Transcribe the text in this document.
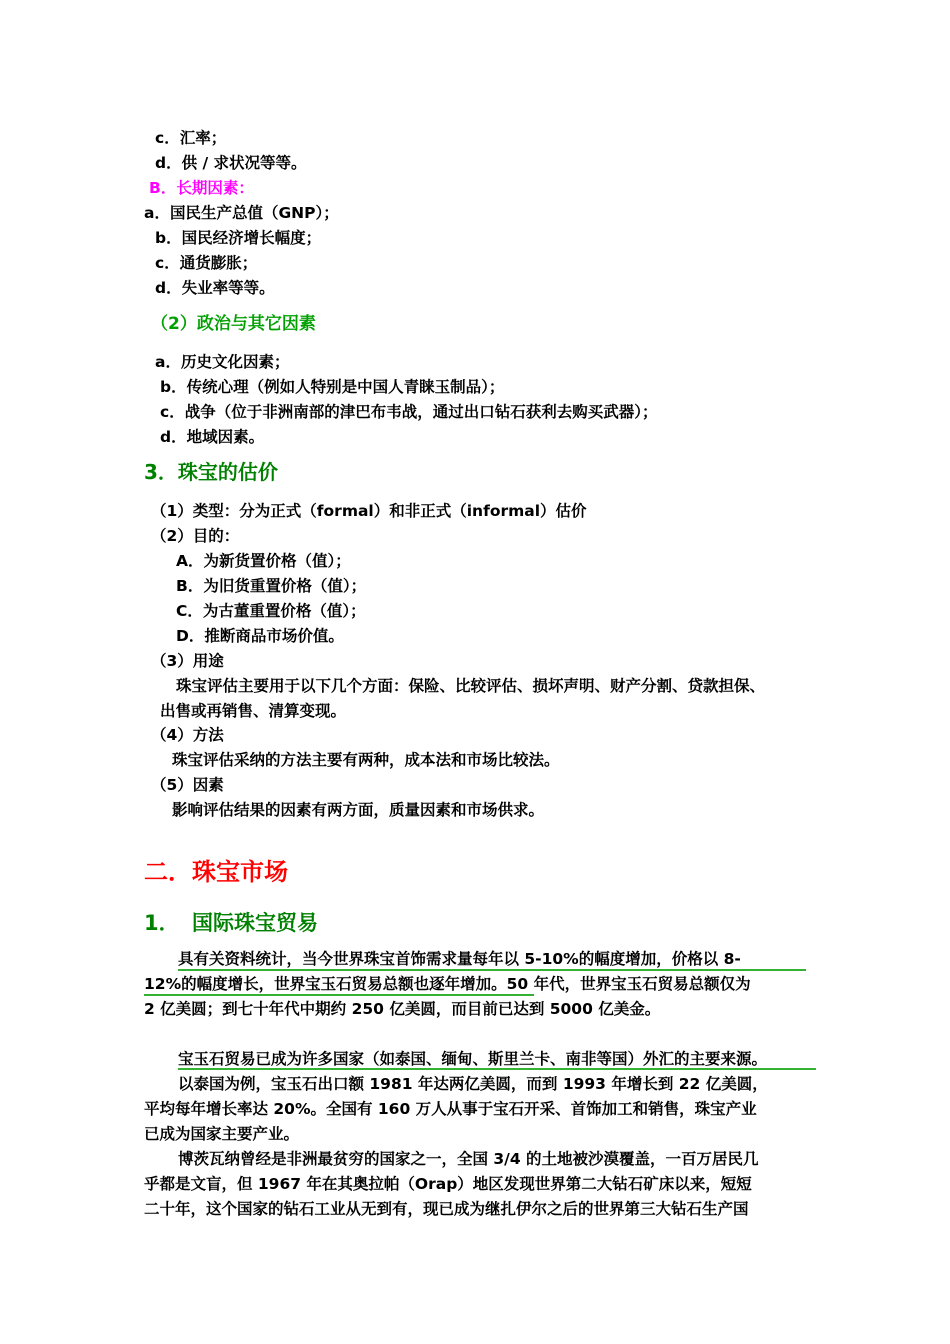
c．汇率；
d．供 / 求状况等等。
B．长期因素：
a．国民生产总值（GNP）；
b．国民经济增长幅度；
c．通货膨胀；
d．失业率等等。
（2）政治与其它因素
a．历史文化因素；
b．传统心理（例如人特别是中国人青睐玉制品）；
c．战争（位于非洲南部的津巴布韦战，通过出口钻石获利去购买武器）；
d．地域因素。
3．珠宝的估价
（1）类型：分为正式（formal）和非正式（informal）估价
（2）目的：
A．为新货置价格（值）；
B．为旧货重置价格（值）；
C．为古董重置价格（值）；
D．推断商品市场价值。
（3）用途
珠宝评估主要用于以下几个方面：保险、比较评估、损坏声明、财产分割、贷款担保、
出售或再销售、清算变现。
（4）方法
珠宝评估采纳的方法主要有两种，成本法和市场比较法。
（5）因素
影响评估结果的因素有两方面，质量因素和市场供求。
二．珠宝市场
1． 国际珠宝贸易
具有关资料统计，当今世界珠宝首饰需求量每年以 5-10%的幅度增加，价格以 8-
12%的幅度增长，世界宝玉石贸易总额也逐年增加。50 年代，世界宝玉石贸易总额仅为
2 亿美圆；到七十年代中期约 250 亿美圆，而目前已达到 5000 亿美金。
宝玉石贸易已成为许多国家（如泰国、缅甸、斯里兰卡、南非等国）外汇的主要来源。
以泰国为例，宝玉石出口额 1981 年达两亿美圆，而到 1993 年增长到 22 亿美圆，
平均每年增长率达 20%。全国有 160 万人从事于宝石开采、首饰加工和销售，珠宝产业
已成为国家主要产业。
博茨瓦纳曾经是非洲最贫穷的国家之一，全国 3/4 的土地被沙漠覆盖，一百万居民几
乎都是文盲，但 1967 年在其奥拉帕（Orap）地区发现世界第二大钻石矿床以来，短短
二十年，这个国家的钻石工业从无到有，现已成为继扎伊尔之后的世界第三大钻石生产国
